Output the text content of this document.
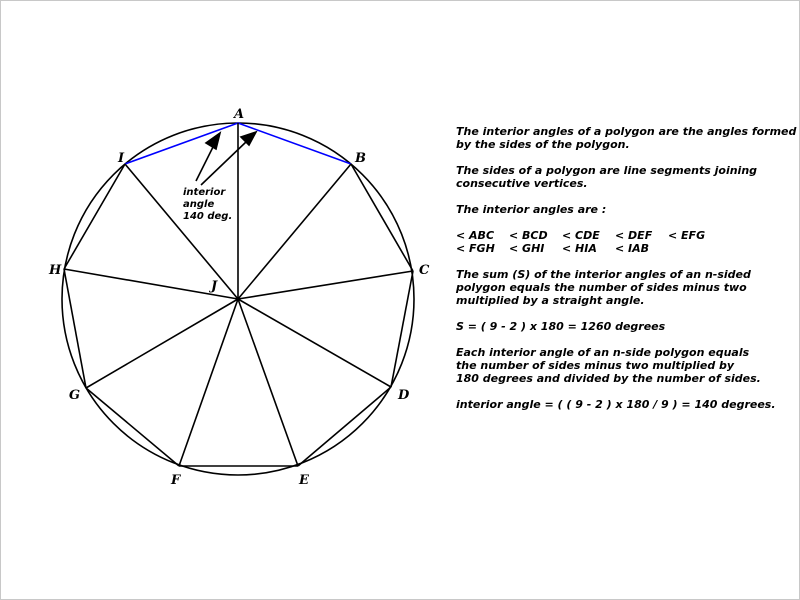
interior
angle
140 deg.
A
B
C
D
E
F
G
H
I
J

The interior angles of a polygon are the angles formed
by the sides of the polygon.

The sides of a polygon are line segments joining
consecutive vertices.

The interior angles are :

< ABC	< BCD	< CDE	< DEF	< EFG
< FGH	< GHI	< HIA	< IAB

The sum (S) of the interior angles of an n-sided
polygon equals the number of sides minus two
multiplied by a straight angle.

S = ( 9 - 2 ) x 180 = 1260 degrees

Each interior angle of an n-side polygon equals
the number of sides minus two multiplied by
180 degrees and divided by the number of sides.

interior angle = ( ( 9 - 2 ) x 180 / 9 ) = 140 degrees.
